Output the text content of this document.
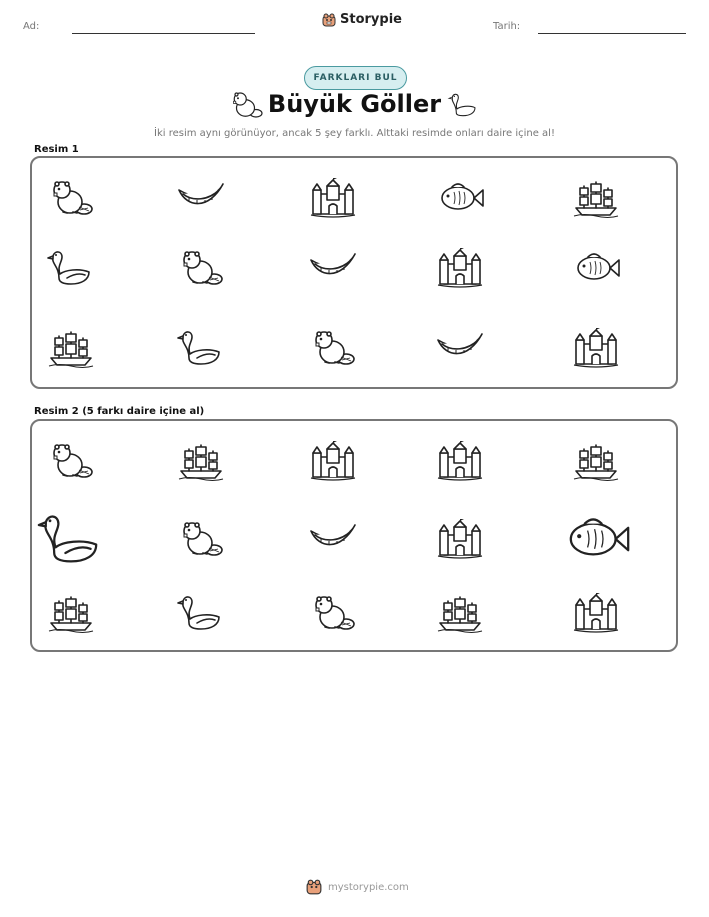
Ad:	Storypie	Tarih:
FARKLARI BUL
Büyük Göller
İki resim aynı görünüyor, ancak 5 şey farklı. Alttaki resimde onları daire içine al!
Resim 1
Resim 2 (5 farkı daire içine al)
mystorypie.com
